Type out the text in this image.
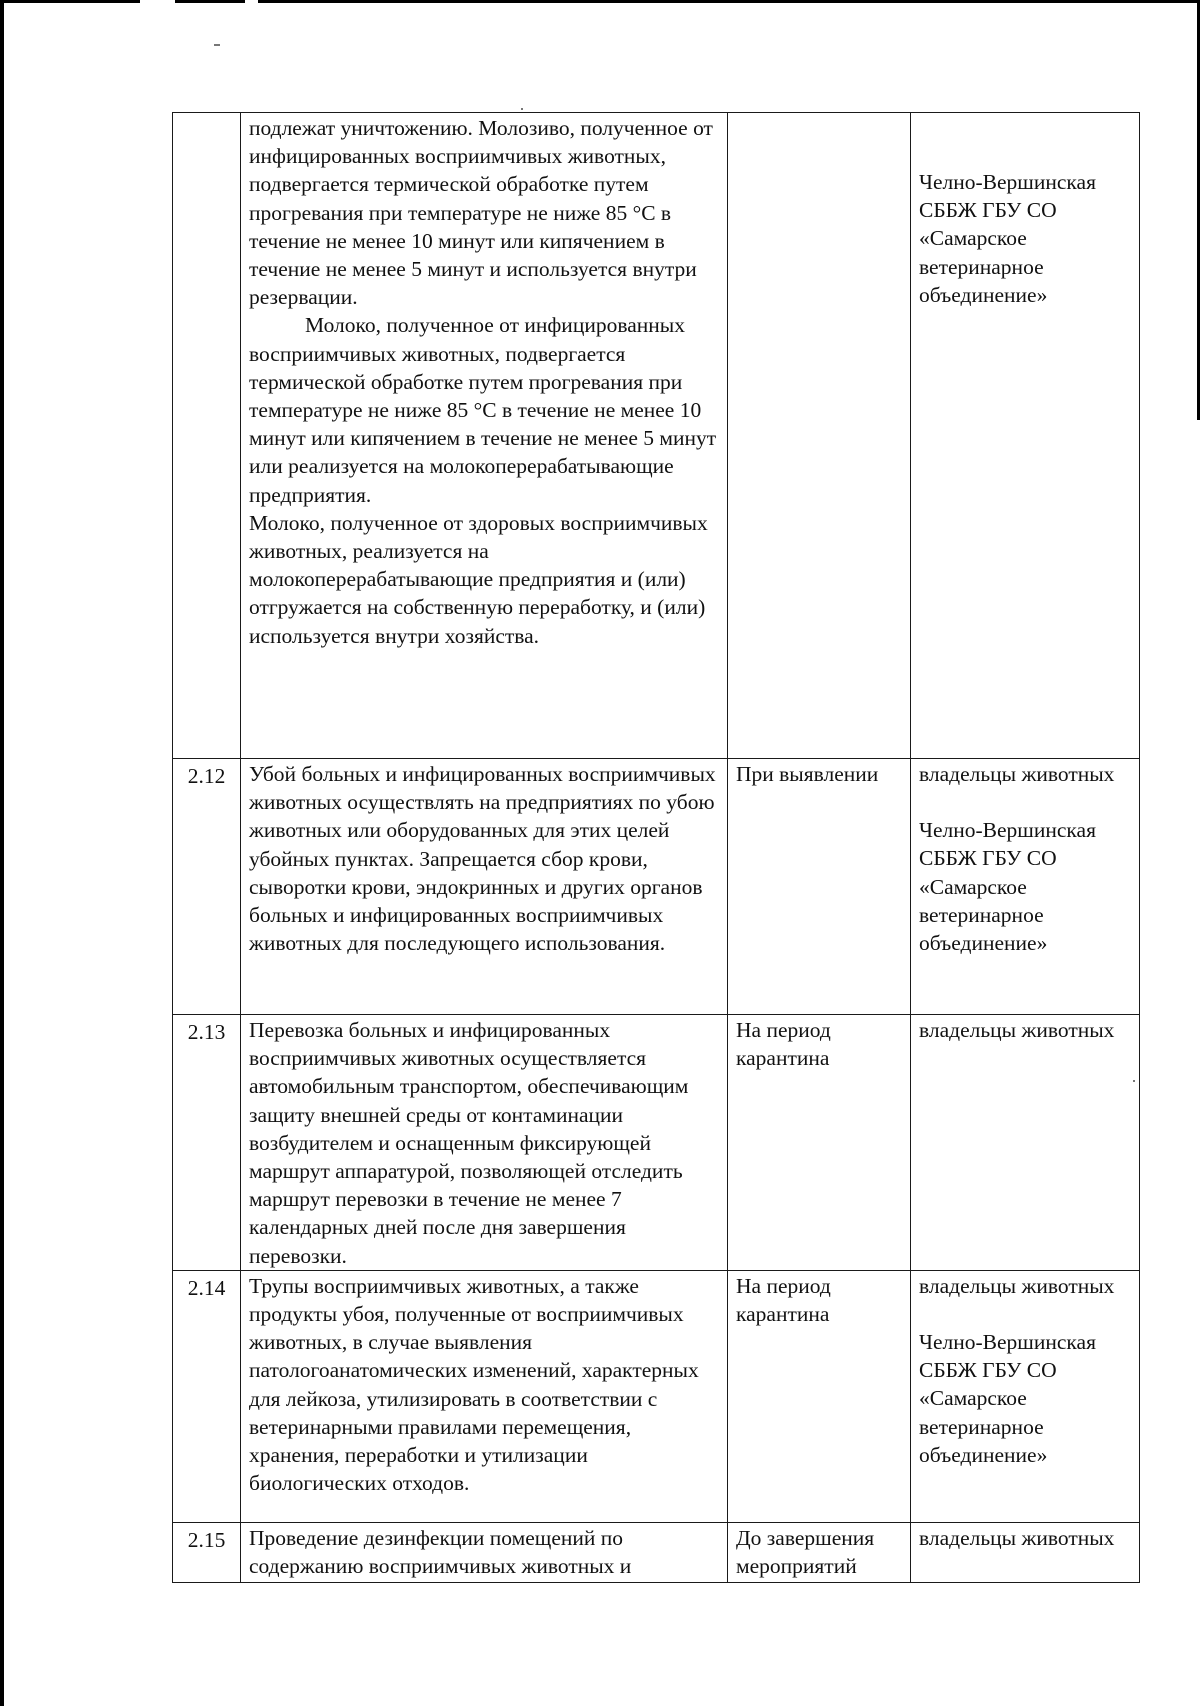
	подлежат уничтожению. Молозиво, полученное от инфицированных восприимчивых животных, подвергается термической обработке путем прогревания при температуре не ниже 85 °С в течение не менее 10 минут или кипячением в течение не менее 5 минут и используется внутри резервации.
Молоко, полученное от инфицированных восприимчивых животных, подвергается термической обработке путем прогревания при температуре не ниже 85 °С в течение не менее 10 минут или кипячением в течение не менее 5 минут или реализуется на молокоперерабатывающие предприятия.
Молоко, полученное от здоровых восприимчивых животных, реализуется на молокоперерабатывающие предприятия и (или) отгружается на собственную переработку, и (или) используется внутри хозяйства.		Челно-Вершинская СББЖ ГБУ СО «Самарское ветеринарное объединение»

2.12	Убой больных и инфицированных восприимчивых животных осуществлять на предприятиях по убою животных или оборудованных для этих целей убойных пунктах. Запрещается сбор крови, сыворотки крови, эндокринных и других органов больных и инфицированных восприимчивых животных для последующего использования.	При выявлении	владельцы животных
Челно-Вершинская СББЖ ГБУ СО «Самарское ветеринарное объединение»

2.13	Перевозка больных и инфицированных восприимчивых животных осуществляется автомобильным транспортом, обеспечивающим защиту внешней среды от контаминации возбудителем и оснащенным фиксирующей маршрут аппаратурой, позволяющей отследить маршрут перевозки в течение не менее 7 календарных дней после дня завершения перевозки.	На период карантина	владельцы животных

2.14	Трупы восприимчивых животных, а также продукты убоя, полученные от восприимчивых животных, в случае выявления патологоанатомических изменений, характерных для лейкоза, утилизировать в соответствии с ветеринарными правилами перемещения, хранения, переработки и утилизации биологических отходов.	На период карантина	владельцы животных
Челно-Вершинская СББЖ ГБУ СО «Самарское ветеринарное объединение»

2.15	Проведение дезинфекции помещений по содержанию восприимчивых животных и	До завершения мероприятий	владельцы животных
